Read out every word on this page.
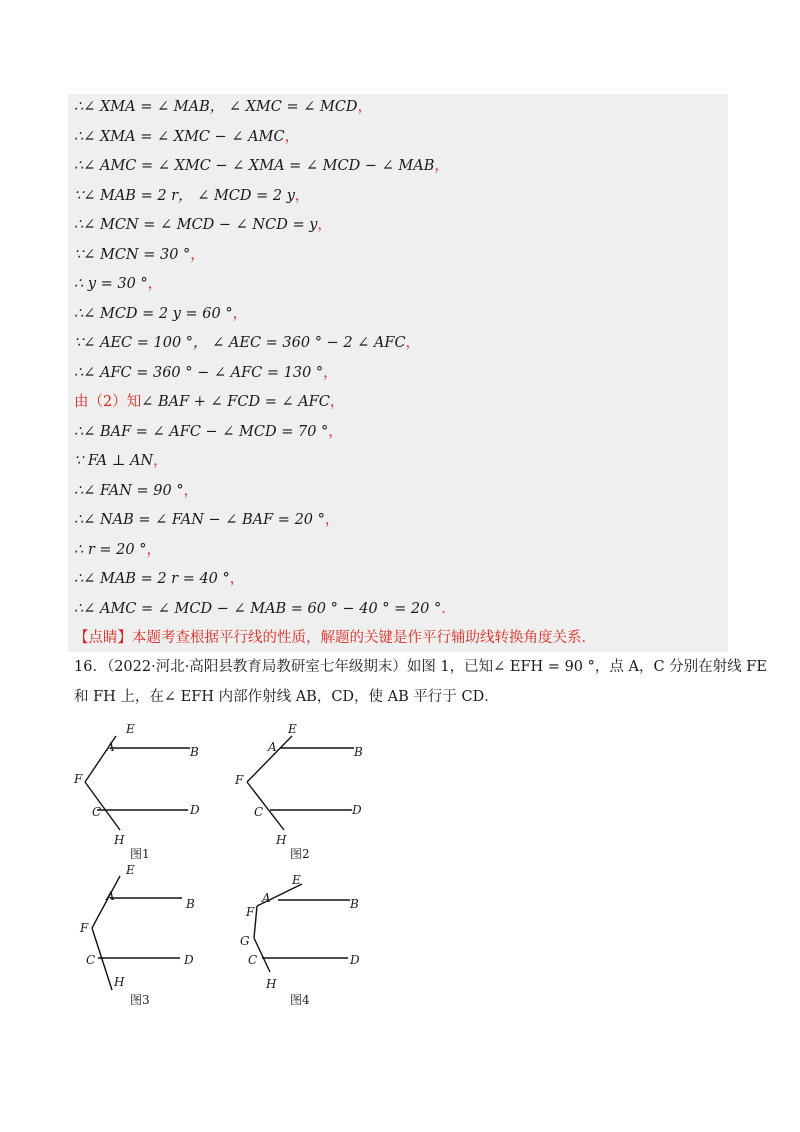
∴∠ XMA = ∠ MAB， ∠ XMC = ∠ MCD，
∴∠ XMA = ∠ XMC − ∠ AMC，
∴∠ AMC = ∠ XMC − ∠ XMA = ∠ MCD − ∠ MAB，
∵∠ MAB = 2 r， ∠ MCD = 2 y，
∴∠ MCN = ∠ MCD − ∠ NCD = y，
∵∠ MCN = 30 °，
∴ y = 30 °，
∴∠ MCD = 2 y = 60 °，
∵∠ AEC = 100 °， ∠ AEC = 360 ° − 2 ∠ AFC，
∴∠ AFC = 360 ° − ∠ AFC = 130 °，
由（2）知∠ BAF + ∠ FCD = ∠ AFC，
∴∠ BAF = ∠ AFC − ∠ MCD = 70 °，
∵ FA ⊥ AN，
∴∠ FAN = 90 °，
∴∠ NAB = ∠ FAN − ∠ BAF = 20 °，
∴ r = 20 °，
∴∠ MAB = 2 r = 40 °，
∴∠ AMC = ∠ MCD − ∠ MAB = 60 ° − 40 ° = 20 °．
【点睛】本题考查根据平行线的性质，解题的关键是作平行辅助线转换角度关系．
16．（2022·河北·高阳县教育局教研室七年级期末）如图 1，已知∠ EFH = 90 °，点 A，C 分别在射线 FE
和 FH 上，在∠ EFH 内部作射线 AB，CD，使 AB 平行于 CD．
E
A	B
F
C	D
H
图1
E
A	B
F
C	D
H
图2
E
A
B
F
C	D
H
图3
E
A	B
F
G
C	D
H
图4
